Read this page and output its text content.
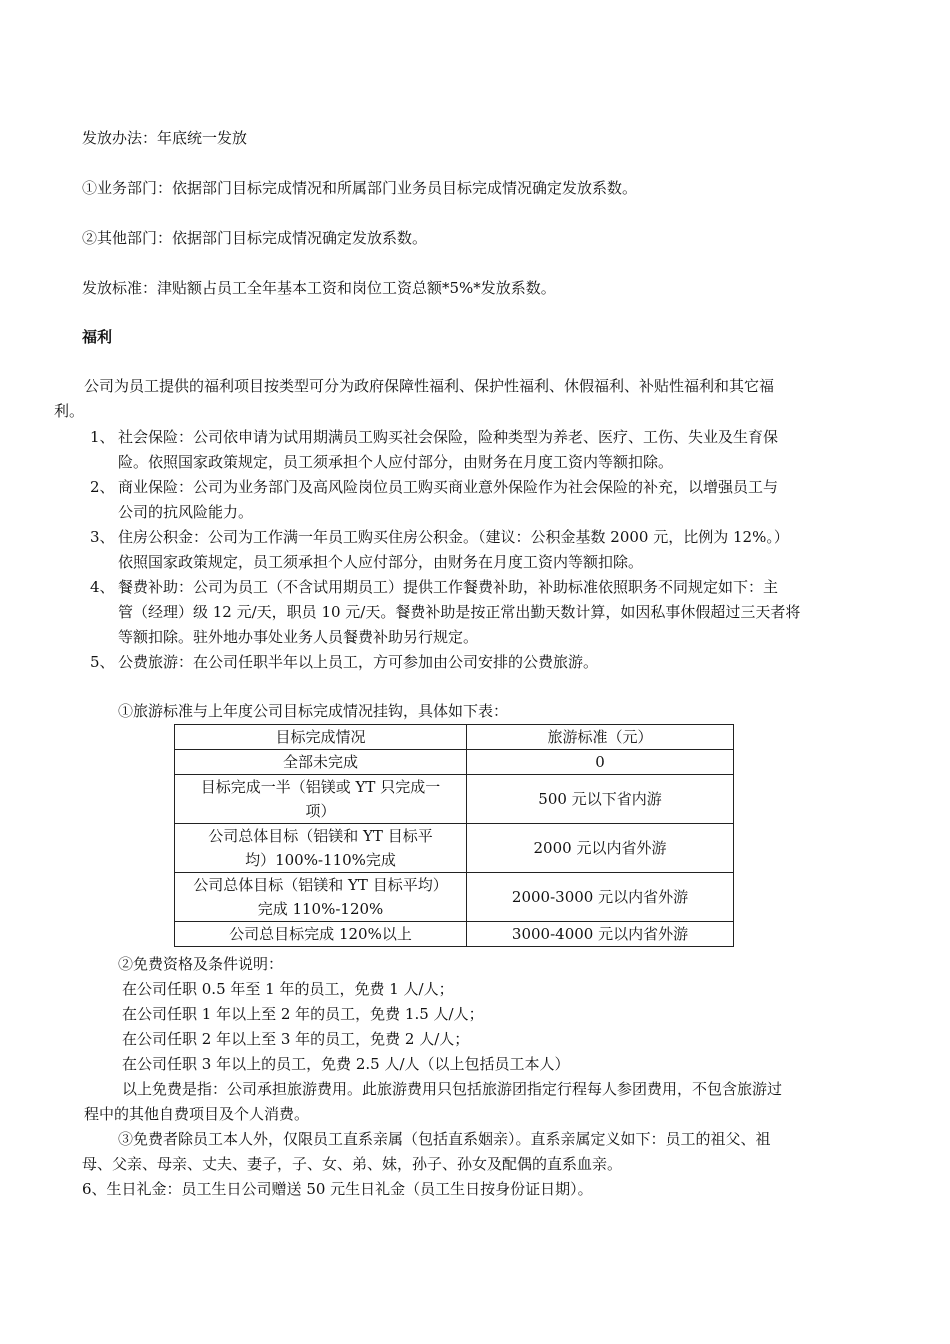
发放办法：年底统一发放
①业务部门：依据部门目标完成情况和所属部门业务员目标完成情况确定发放系数。
②其他部门：依据部门目标完成情况确定发放系数。
发放标准：津贴额占员工全年基本工资和岗位工资总额*5%*发放系数。
福利
公司为员工提供的福利项目按类型可分为政府保障性福利、保护性福利、休假福利、补贴性福利和其它福
利。
1、 社会保险：公司依申请为试用期满员工购买社会保险，险种类型为养老、医疗、工伤、失业及生育保
险。依照国家政策规定，员工须承担个人应付部分，由财务在月度工资内等额扣除。
2、 商业保险：公司为业务部门及高风险岗位员工购买商业意外保险作为社会保险的补充，以增强员工与
公司的抗风险能力。
3、 住房公积金：公司为工作满一年员工购买住房公积金。（建议：公积金基数 2000 元，比例为 12%。）
依照国家政策规定，员工须承担个人应付部分，由财务在月度工资内等额扣除。
4、 餐费补助：公司为员工（不含试用期员工）提供工作餐费补助，补助标准依照职务不同规定如下：主
管（经理）级 12 元/天，职员 10 元/天。餐费补助是按正常出勤天数计算，如因私事休假超过三天者将
等额扣除。驻外地办事处业务人员餐费补助另行规定。
5、 公费旅游：在公司任职半年以上员工，方可参加由公司安排的公费旅游。
①旅游标准与上年度公司目标完成情况挂钩，具体如下表：
目标完成情况	旅游标准（元）
全部未完成	0
目标完成一半（铝镁或 YT 只完成一
项）	500 元以下省内游
公司总体目标（铝镁和 YT 目标平
均）100%-110%完成	2000 元以内省外游
公司总体目标（铝镁和 YT 目标平均）
完成 110%-120%	2000-3000 元以内省外游
公司总目标完成 120%以上	3000-4000 元以内省外游
②免费资格及条件说明：
在公司任职 0.5 年至 1 年的员工，免费 1 人/人；
在公司任职 1 年以上至 2 年的员工，免费 1.5 人/人；
在公司任职 2 年以上至 3 年的员工，免费 2 人/人；
在公司任职 3 年以上的员工，免费 2.5 人/人（以上包括员工本人）
以上免费是指：公司承担旅游费用。此旅游费用只包括旅游团指定行程每人参团费用，不包含旅游过
程中的其他自费项目及个人消费。
③免费者除员工本人外，仅限员工直系亲属（包括直系姻亲）。直系亲属定义如下：员工的祖父、祖
母、父亲、母亲、丈夫、妻子，子、女、弟、妹，孙子、孙女及配偶的直系血亲。
6、生日礼金：员工生日公司赠送 50 元生日礼金（员工生日按身份证日期）。
